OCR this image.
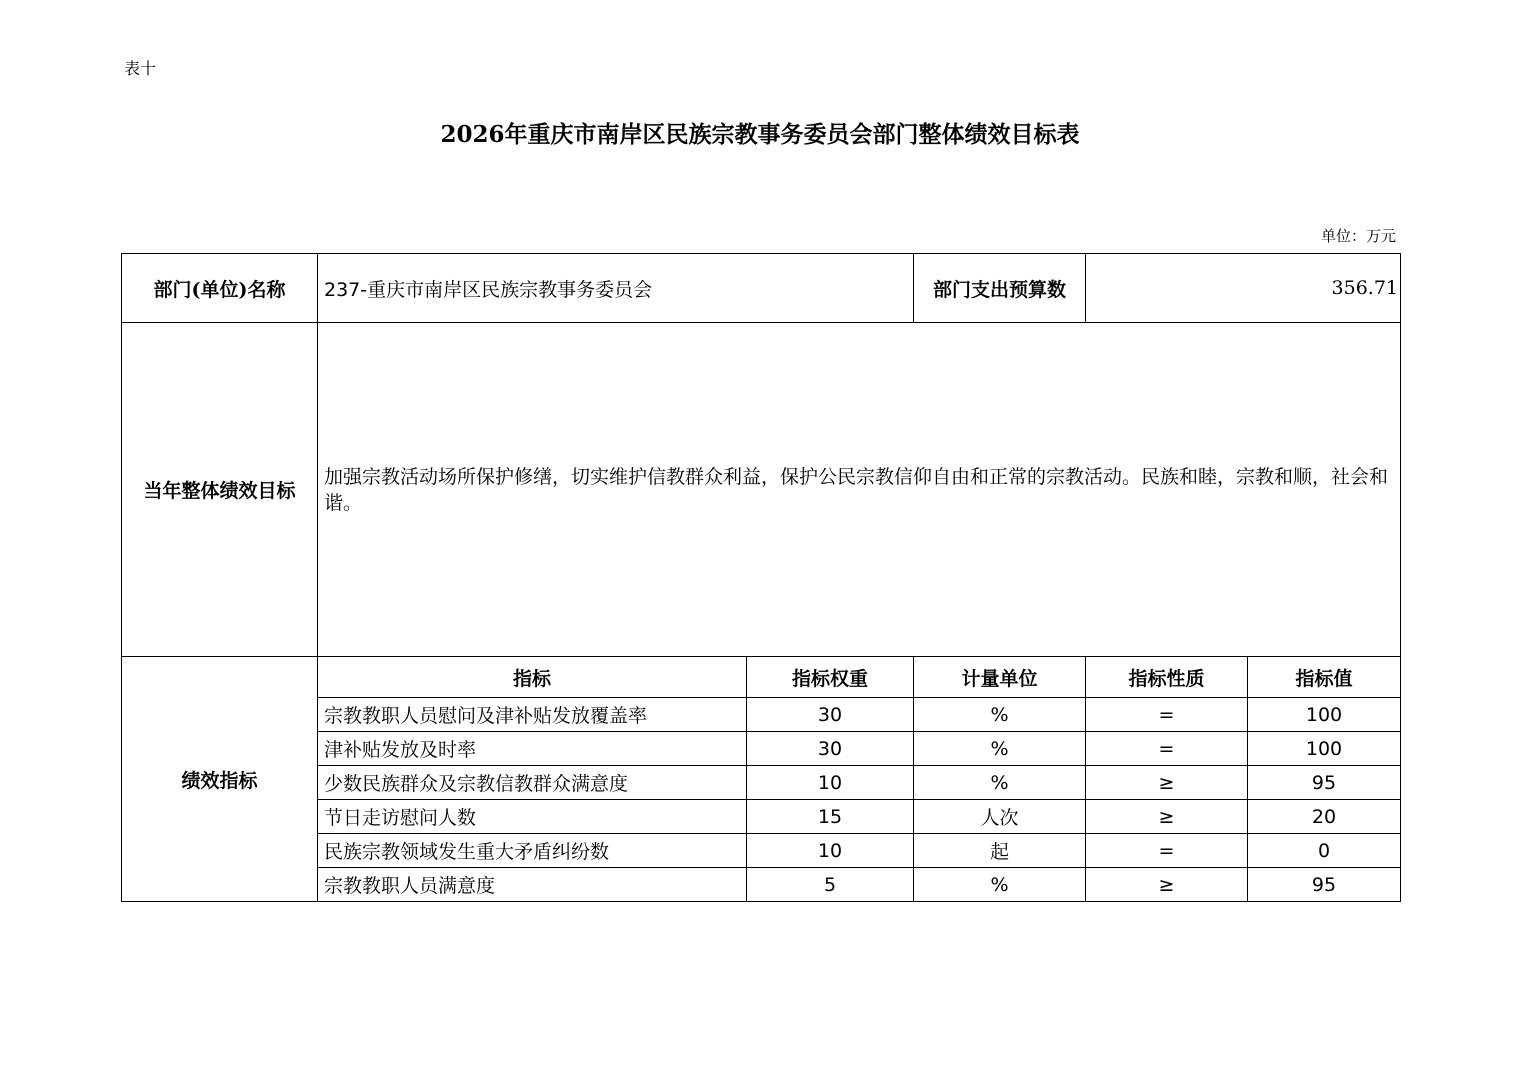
表十
2026年重庆市南岸区民族宗教事务委员会部门整体绩效目标表
单位：万元
部门(单位)名称	237-重庆市南岸区民族宗教事务委员会		部门支出预算数	356.71	
当年整体绩效目标	加强宗教活动场所保护修缮，切实维护信教群众利益，保护公民宗教信仰自由和正常的宗教活动。民族和睦，宗教和顺，社会和谐。				
绩效指标	指标	指标权重	计量单位	指标性质	指标值
	宗教教职人员慰问及津补贴发放覆盖率	30	%	=	100
	津补贴发放及时率	30	%	=	100
	少数民族群众及宗教信教群众满意度	10	%	≥	95
	节日走访慰问人数	15	人次	≥	20
	民族宗教领域发生重大矛盾纠纷数	10	起	=	0
	宗教教职人员满意度	5	%	≥	95
